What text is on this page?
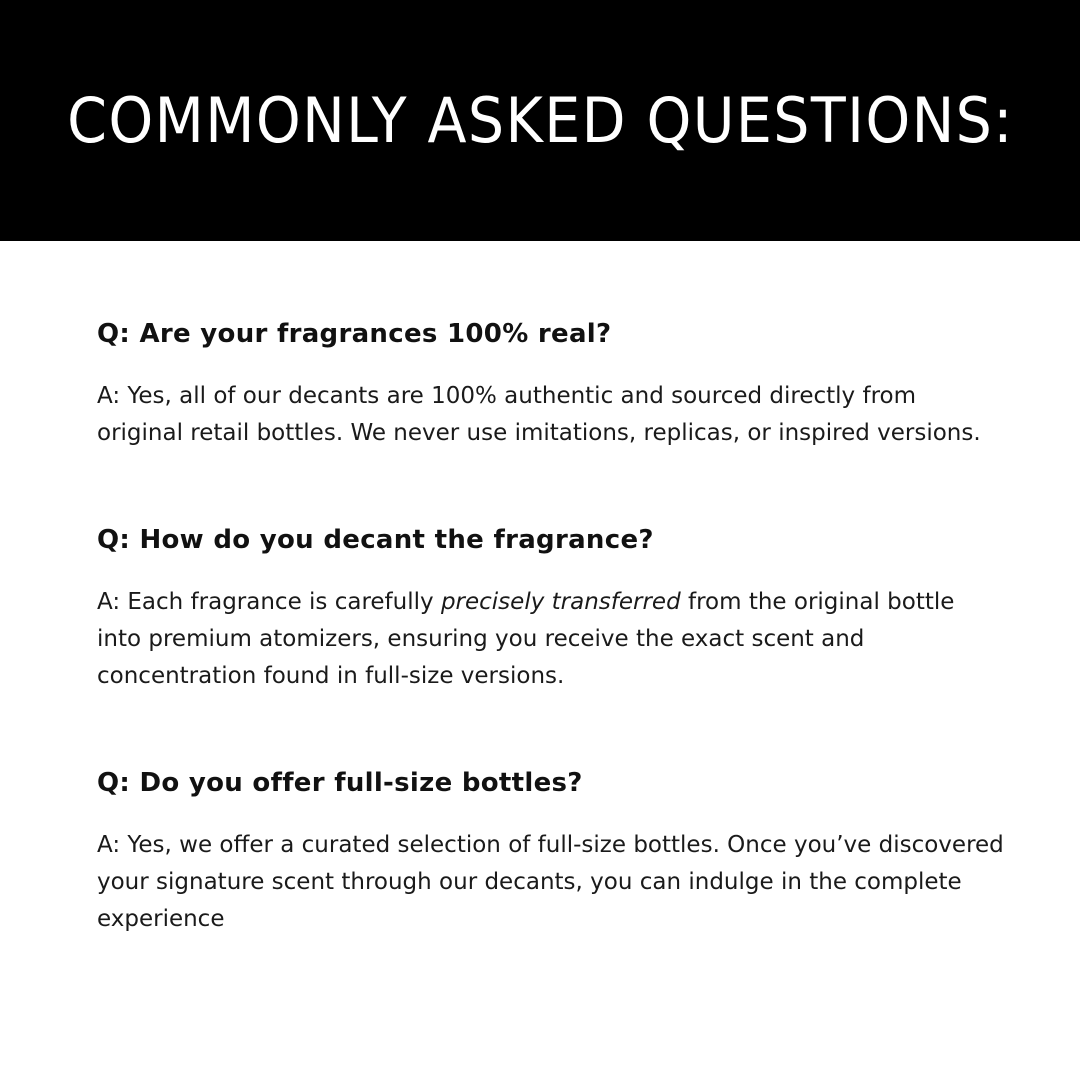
COMMONLY ASKED QUESTIONS:

Q: Are your fragrances 100% real?

A: Yes, all of our decants are 100% authentic and sourced directly from original retail bottles. We never use imitations, replicas, or inspired versions.

Q: How do you decant the fragrance?

A: Each fragrance is carefully precisely transferred from the original bottle into premium atomizers, ensuring you receive the exact scent and concentration found in full-size versions.

Q: Do you offer full-size bottles?

A: Yes, we offer a curated selection of full-size bottles. Once you’ve discovered your signature scent through our decants, you can indulge in the complete experience
